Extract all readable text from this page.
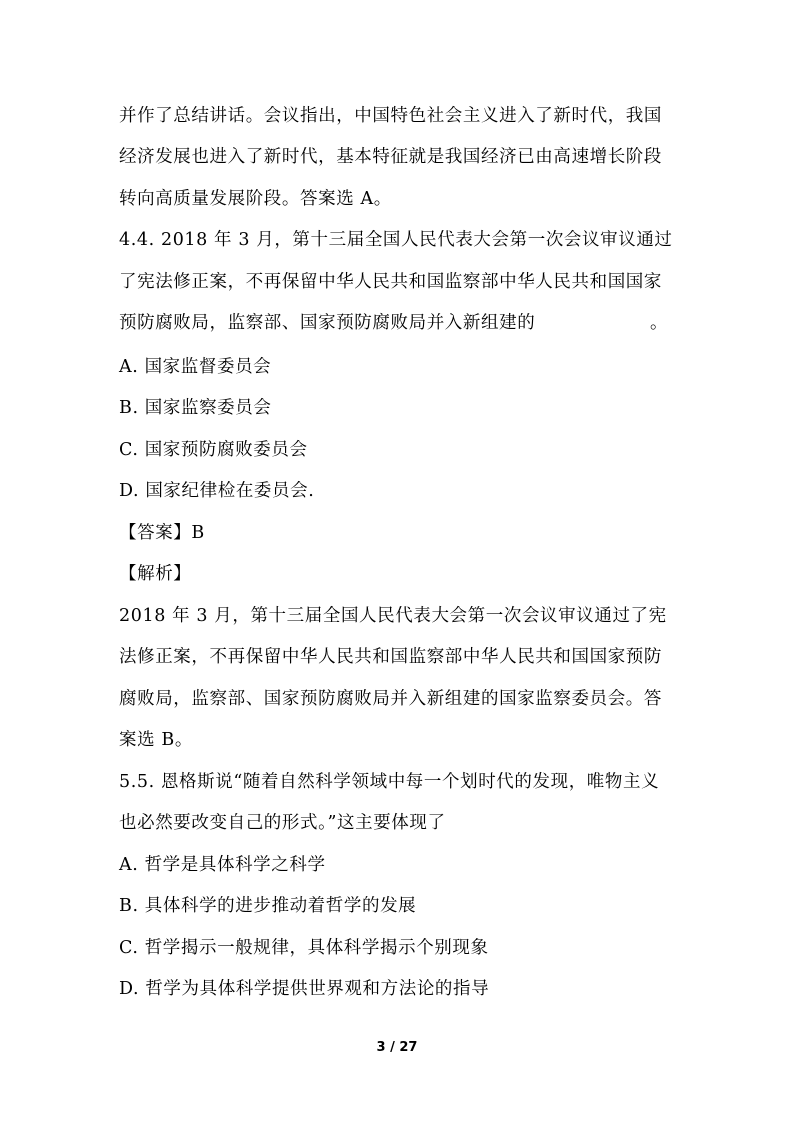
并作了总结讲话。会议指出，中国特色社会主义进入了新时代，我国
经济发展也进入了新时代，基本特征就是我国经济已由高速增长阶段
转向高质量发展阶段。答案选 A。
4.4. 2018 年 3 月，第十三届全国人民代表大会第一次会议审议通过
了宪法修正案，不再保留中华人民共和国监察部中华人民共和国国家
预防腐败局，监察部、国家预防腐败局并入新组建的	。
A. 国家监督委员会
B. 国家监察委员会
C. 国家预防腐败委员会
D. 国家纪律检在委员会.
【答案】B
【解析】
2018 年 3 月，第十三届全国人民代表大会第一次会议审议通过了宪
法修正案，不再保留中华人民共和国监察部中华人民共和国国家预防
腐败局，监察部、国家预防腐败局并入新组建的国家监察委员会。答
案选 B。
5.5. 恩格斯说“随着自然科学领域中每一个划时代的发现，唯物主义
也必然要改变自己的形式。”这主要体现了
A. 哲学是具体科学之科学
B. 具体科学的进步推动着哲学的发展
C. 哲学揭示一般规律，具体科学揭示个别现象
D. 哲学为具体科学提供世界观和方法论的指导
3 / 27
